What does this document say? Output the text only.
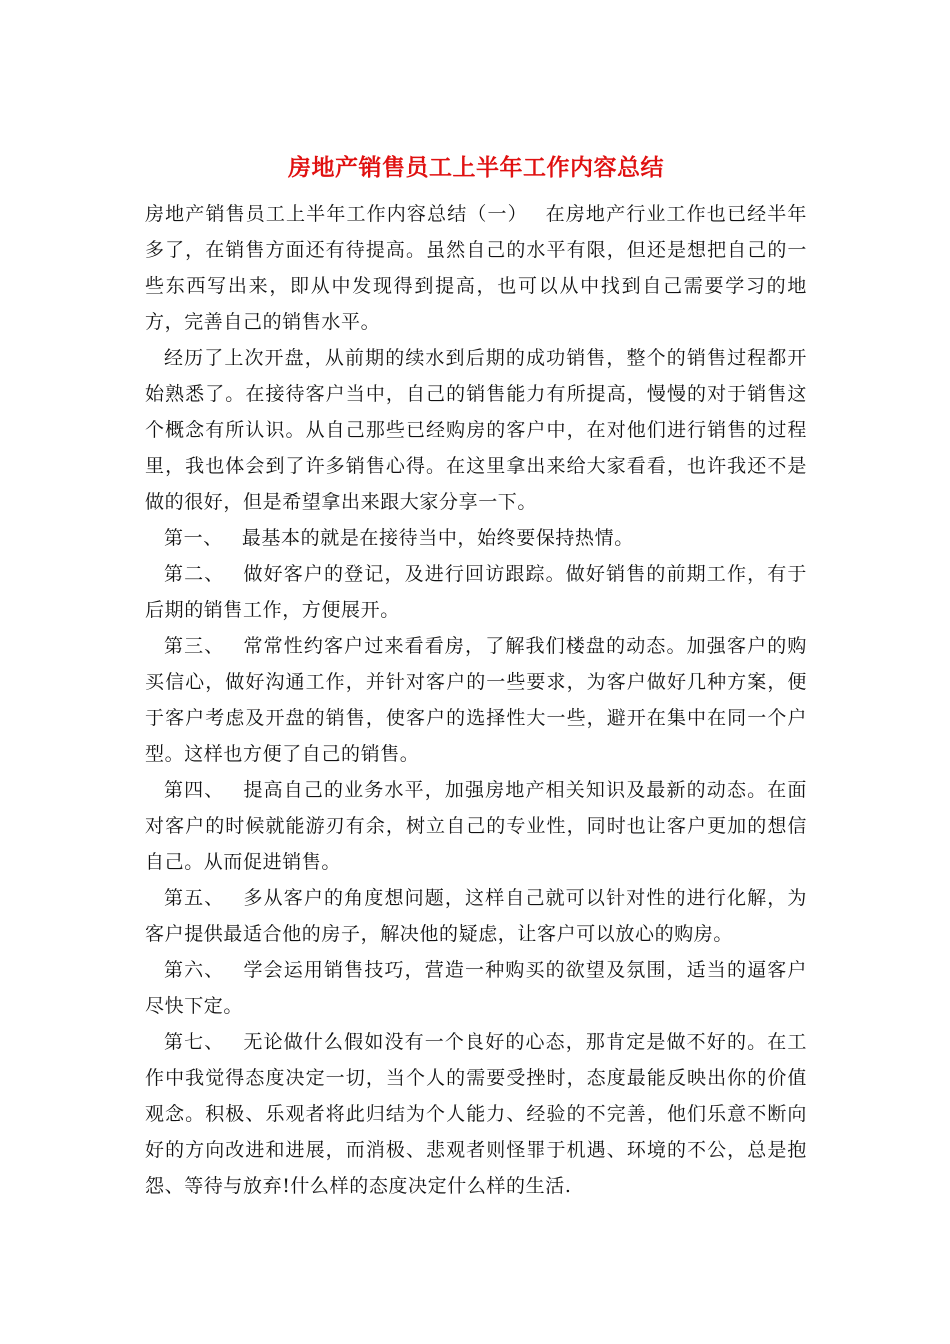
房地产销售员工上半年工作内容总结

房地产销售员工上半年工作内容总结（一）　 在房地产行业工作也已经半年多了，在销售方面还有待提高。虽然自己的水平有限，但还是想把自己的一些东西写出来，即从中发现得到提高，也可以从中找到自己需要学习的地方，完善自己的销售水平。

经历了上次开盘，从前期的续水到后期的成功销售，整个的销售过程都开始熟悉了。在接待客户当中，自己的销售能力有所提高，慢慢的对于销售这个概念有所认识。从自己那些已经购房的客户中，在对他们进行销售的过程里，我也体会到了许多销售心得。在这里拿出来给大家看看，也许我还不是做的很好，但是希望拿出来跟大家分享一下。

第一、 最基本的就是在接待当中，始终要保持热情。

第二、 做好客户的登记，及进行回访跟踪。做好销售的前期工作，有于后期的销售工作，方便展开。

第三、 常常性约客户过来看看房，了解我们楼盘的动态。加强客户的购买信心，做好沟通工作，并针对客户的一些要求，为客户做好几种方案，便于客户考虑及开盘的销售，使客户的选择性大一些，避开在集中在同一个户型。这样也方便了自己的销售。

第四、 提高自己的业务水平，加强房地产相关知识及最新的动态。在面对客户的时候就能游刃有余，树立自己的专业性，同时也让客户更加的想信自己。从而促进销售。

第五、 多从客户的角度想问题，这样自己就可以针对性的进行化解，为客户提供最适合他的房子，解决他的疑虑，让客户可以放心的购房。

第六、 学会运用销售技巧，营造一种购买的欲望及氛围，适当的逼客户尽快下定。

第七、 无论做什么假如没有一个良好的心态，那肯定是做不好的。在工作中我觉得态度决定一切，当个人的需要受挫时，态度最能反映出你的价值观念。积极、乐观者将此归结为个人能力、经验的不完善，他们乐意不断向好的方向改进和进展，而消极、悲观者则怪罪于机遇、环境的不公，总是抱怨、等待与放弃!什么样的态度决定什么样的生活.
